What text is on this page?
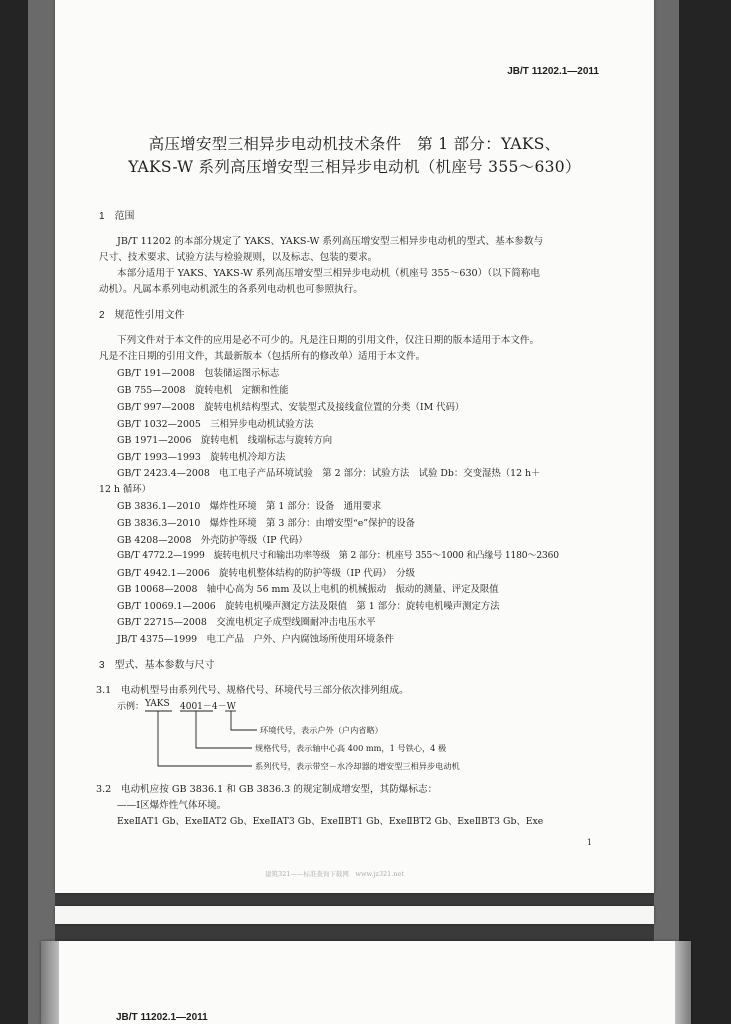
JB/T 11202.1—2011
高压增安型三相异步电动机技术条件　第 1 部分：YAKS、
YAKS-W 系列高压增安型三相异步电动机（机座号 355～630）
1　范围
JB/T 11202 的本部分规定了 YAKS、YAKS-W 系列高压增安型三相异步电动机的型式、基本参数与
尺寸、技术要求、试验方法与检验规则，以及标志、包装的要求。
本部分适用于 YAKS、YAKS-W 系列高压增安型三相异步电动机（机座号 355～630）（以下简称电
动机）。凡属本系列电动机派生的各系列电动机也可参照执行。
2　规范性引用文件
下列文件对于本文件的应用是必不可少的。凡是注日期的引用文件，仅注日期的版本适用于本文件。
凡是不注日期的引用文件，其最新版本（包括所有的修改单）适用于本文件。
GB/T 191—2008　包装储运图示标志
GB 755—2008　旋转电机　定额和性能
GB/T 997—2008　旋转电机结构型式、安装型式及接线盒位置的分类（IM 代码）
GB/T 1032—2005　三相异步电动机试验方法
GB 1971—2006　旋转电机　线端标志与旋转方向
GB/T 1993—1993　旋转电机冷却方法
GB/T 2423.4—2008　电工电子产品环境试验　第 2 部分：试验方法　试验 Db：交变湿热（12 h＋
12 h 循环）
GB 3836.1—2010　爆炸性环境　第 1 部分：设备　通用要求
GB 3836.3—2010　爆炸性环境　第 3 部分：由增安型“e”保护的设备
GB 4208—2008　外壳防护等级（IP 代码）
GB/T 4772.2—1999　旋转电机尺寸和输出功率等级　第 2 部分：机座号 355～1000 和凸缘号 1180～2360
GB/T 4942.1—2006　旋转电机整体结构的防护等级（IP 代码）　分级
GB 10068—2008　轴中心高为 56 mm 及以上电机的机械振动　振动的测量、评定及限值
GB/T 10069.1—2006　旋转电机噪声测定方法及限值　第 1 部分：旋转电机噪声测定方法
GB/T 22715—2008　交流电机定子成型线圈耐冲击电压水平
JB/T 4375—1999　电工产品　户外、户内腐蚀场所使用环境条件
3　型式、基本参数与尺寸
3.1　电动机型号由系列代号、规格代号、环境代号三部分依次排列组成。
示例： YAKS 4001－4－W
环境代号，表示户外（户内省略）
规格代号，表示轴中心高 400 mm，1 号铁心，4 极
系列代号，表示带空－水冷却器的增安型三相异步电动机
3.2　电动机应按 GB 3836.1 和 GB 3836.3 的规定制成增安型，其防爆标志：
——Ⅰ区爆炸性气体环境。
ExeⅡAT1 Gb、ExeⅡAT2 Gb、ExeⅡAT3 Gb、ExeⅡBT1 Gb、ExeⅡBT2 Gb、ExeⅡBT3 Gb、Exe
1
建筑321——标准查询下载网　www.jz321.net
JB/T 11202.1—2011
